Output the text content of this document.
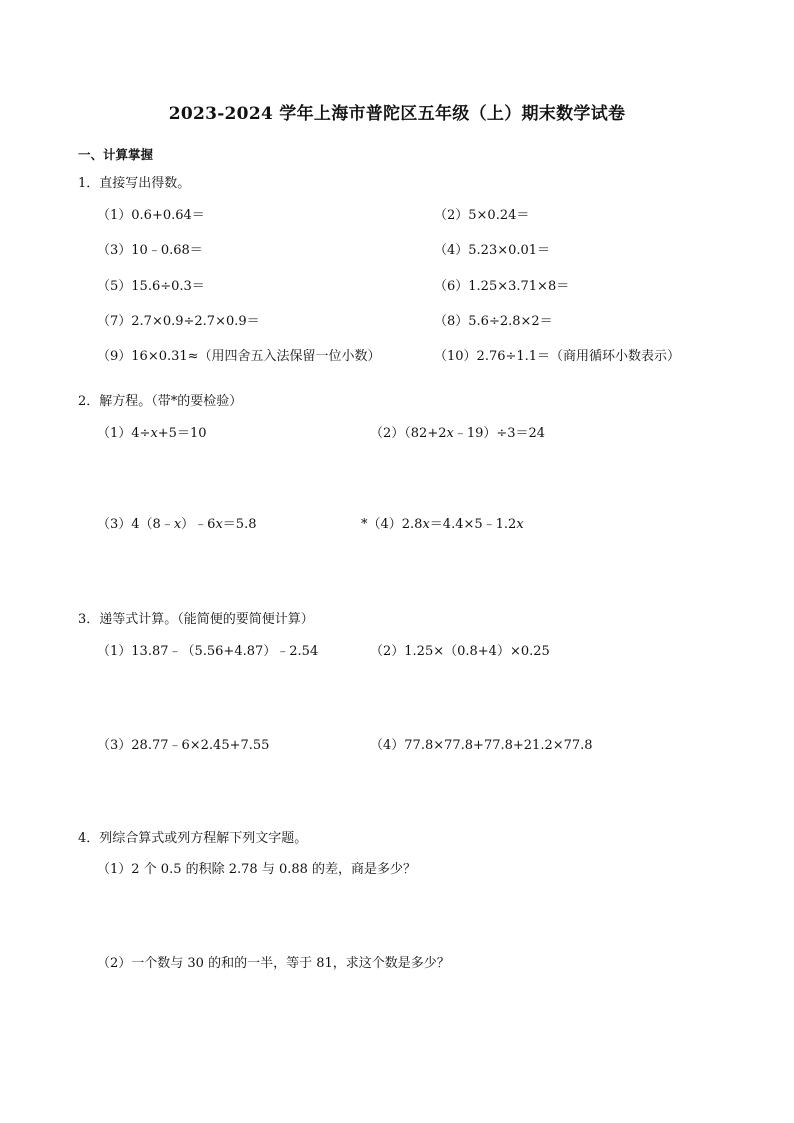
2023-2024 学年上海市普陀区五年级（上）期末数学试卷
一、计算掌握
1．直接写出得数。
（1）0.6+0.64＝	（2）5×0.24＝
（3）10﹣0.68＝	（4）5.23×0.01＝
（5）15.6÷0.3＝	（6）1.25×3.71×8＝
（7）2.7×0.9÷2.7×0.9＝	（8）5.6÷2.8×2＝
（9）16×0.31≈（用四舍五入法保留一位小数）	（10）2.76÷1.1＝（商用循环小数表示）
2．解方程。（带*的要检验）
（1）4÷x+5＝10	（2）（82+2x﹣19）÷3＝24
（3）4（8﹣x）﹣6x＝5.8	*（4）2.8x＝4.4×5﹣1.2x
3．递等式计算。（能简便的要简便计算）
（1）13.87﹣（5.56+4.87）﹣2.54	（2）1.25×（0.8+4）×0.25
（3）28.77﹣6×2.45+7.55	（4）77.8×77.8+77.8+21.2×77.8
4．列综合算式或列方程解下列文字题。
（1）2 个 0.5 的积除 2.78 与 0.88 的差，商是多少？
（2）一个数与 30 的和的一半，等于 81，求这个数是多少？
